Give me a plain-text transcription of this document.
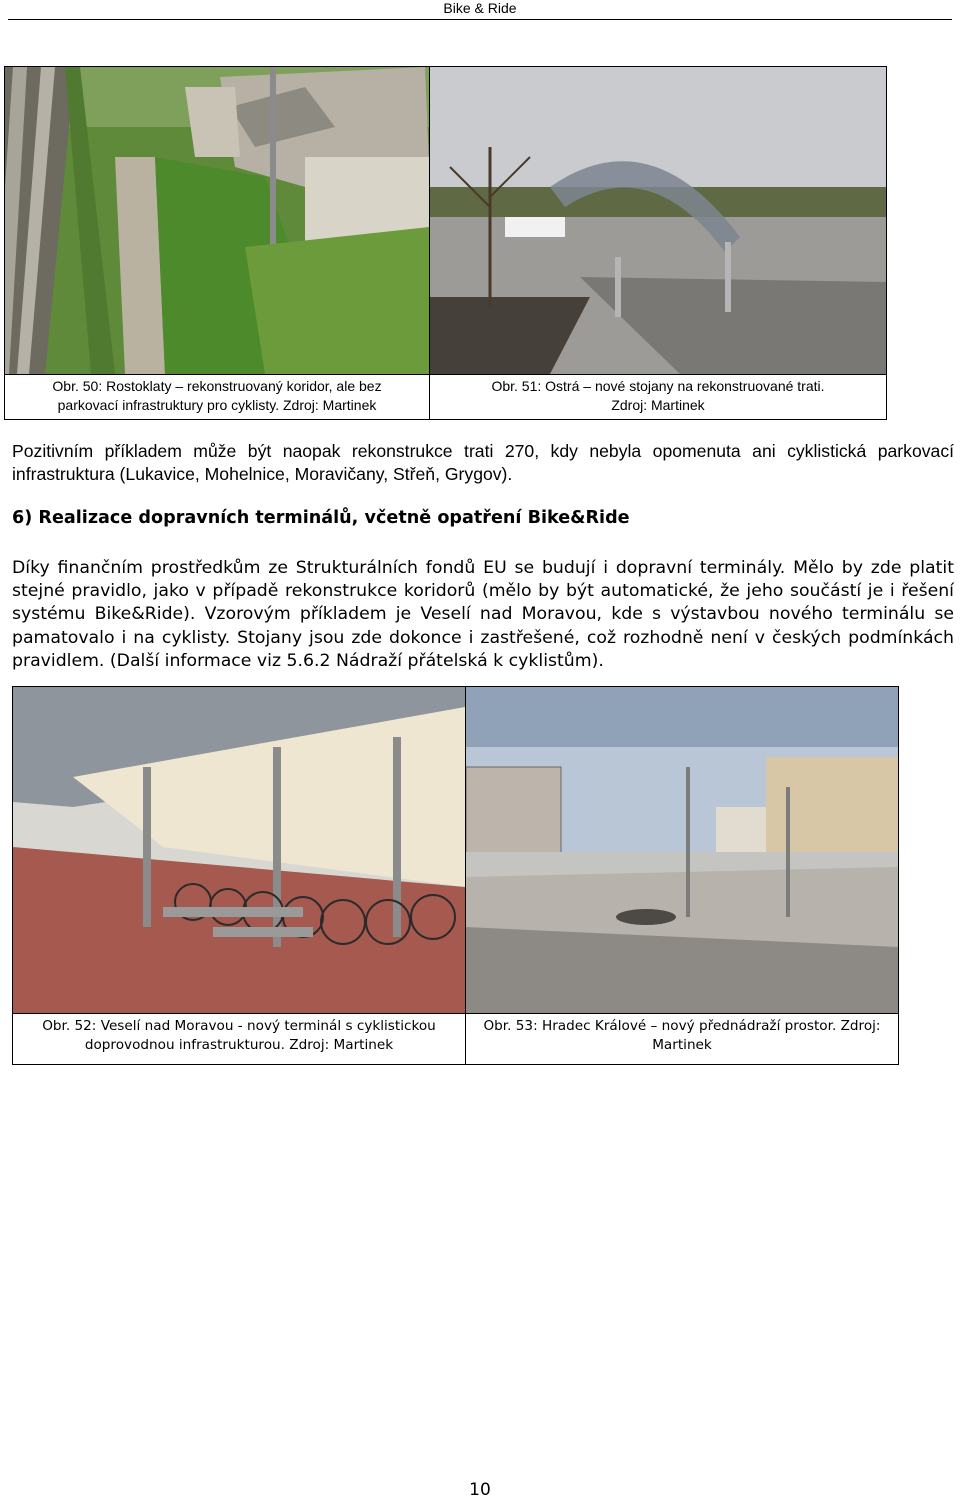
Bike & Ride

Obr. 50: Rostoklaty – rekonstruovaný koridor, ale bez
parkovací infrastruktury pro cyklisty. Zdroj: Martinek	Obr. 51: Ostrá – nové stojany na rekonstruované trati.
Zdroj: Martinek

Pozitivním příkladem může být naopak rekonstrukce trati 270, kdy nebyla opomenuta ani cyklistická parkovací infrastruktura (Lukavice, Mohelnice, Moravičany, Střeň, Grygov).

6) Realizace dopravních terminálů, včetně opatření Bike&Ride

Díky finančním prostředkům ze Strukturálních fondů EU se budují i dopravní terminály. Mělo by zde platit stejné pravidlo, jako v případě rekonstrukce koridorů (mělo by být automatické, že jeho součástí je i řešení systému Bike&Ride). Vzorovým příkladem je Veselí nad Moravou, kde s výstavbou nového terminálu se pamatovalo i na cyklisty. Stojany jsou zde dokonce i zastřešené, což rozhodně není v českých podmínkách pravidlem. (Další informace viz 5.6.2 Nádraží přátelská k cyklistům).

Obr. 52: Veselí nad Moravou - nový terminál s cyklistickou
doprovodnou infrastrukturou. Zdroj: Martinek	Obr. 53: Hradec Králové – nový přednádraží prostor. Zdroj:
Martinek
10
